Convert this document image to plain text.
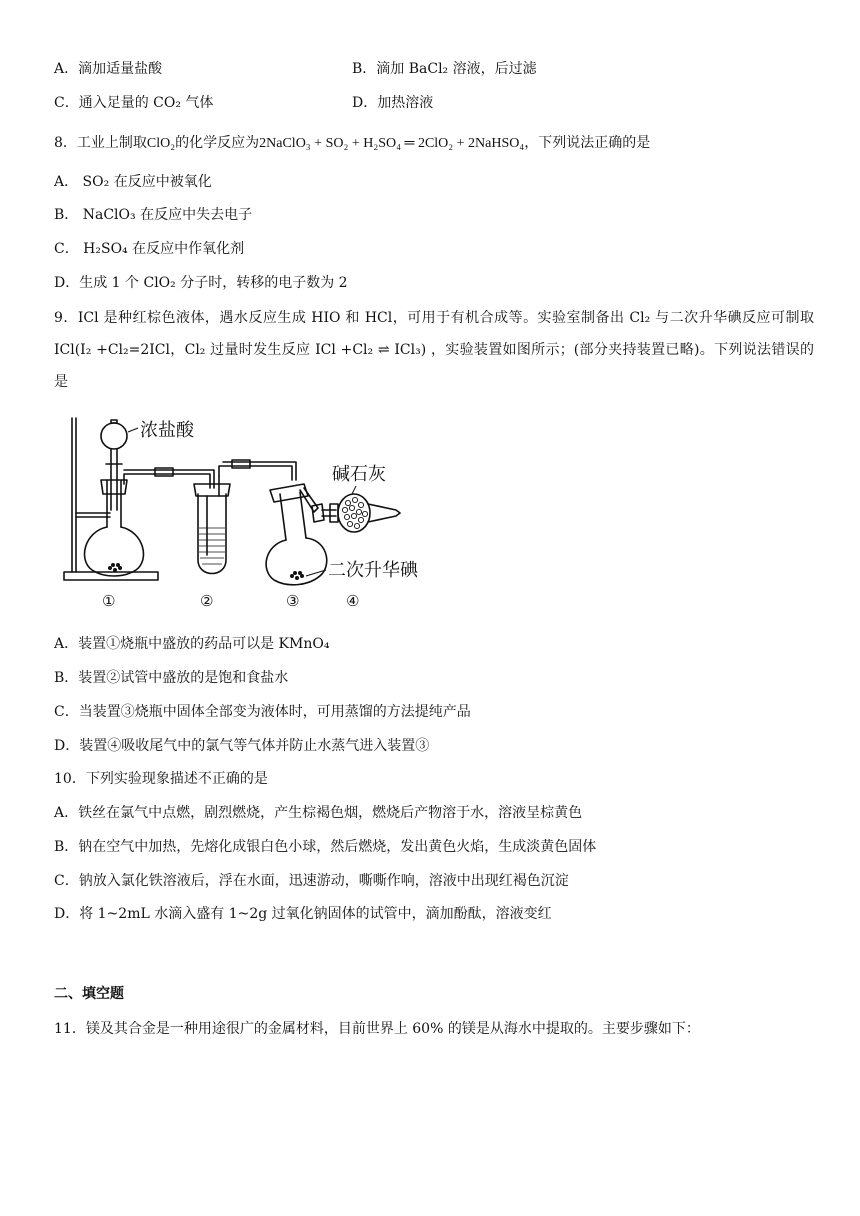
A．滴加适量盐酸	B．滴加 BaCl₂ 溶液，后过滤
C．通入足量的 CO₂ 气体	D．加热溶液
8．工业上制取ClO₂的化学反应为2NaClO₃ + SO₂ + H₂SO₄ ═ 2ClO₂ + 2NaHSO₄，下列说法正确的是
A． SO₂ 在反应中被氧化
B． NaClO₃ 在反应中失去电子
C． H₂SO₄ 在反应中作氧化剂
D．生成 1 个 ClO₂ 分子时，转移的电子数为 2
9．ICl 是种红棕色液体，遇水反应生成 HIO 和 HCl，可用于有机合成等。实验室制备出 Cl₂ 与二次升华碘反应可制取 ICl(I₂ +Cl₂=2ICl，Cl₂ 过量时发生反应 ICl +Cl₂ ⇌ ICl₃) ，实验装置如图所示；(部分夹持装置已略)。下列说法错误的是
浓盐酸
碱石灰
二次升华碘
①	②	③	④
A．装置①烧瓶中盛放的药品可以是 KMnO₄
B．装置②试管中盛放的是饱和食盐水
C．当装置③烧瓶中固体全部变为液体时，可用蒸馏的方法提纯产品
D．装置④吸收尾气中的氯气等气体并防止水蒸气进入装置③
10．下列实验现象描述不正确的是
A．铁丝在氯气中点燃，剧烈燃烧，产生棕褐色烟，燃烧后产物溶于水，溶液呈棕黄色
B．钠在空气中加热，先熔化成银白色小球，然后燃烧，发出黄色火焰，生成淡黄色固体
C．钠放入氯化铁溶液后，浮在水面，迅速游动，嘶嘶作响，溶液中出现红褐色沉淀
D．将 1~2mL 水滴入盛有 1~2g 过氧化钠固体的试管中，滴加酚酞，溶液变红
二、填空题
11．镁及其合金是一种用途很广的金属材料，目前世界上 60% 的镁是从海水中提取的。主要步骤如下：
